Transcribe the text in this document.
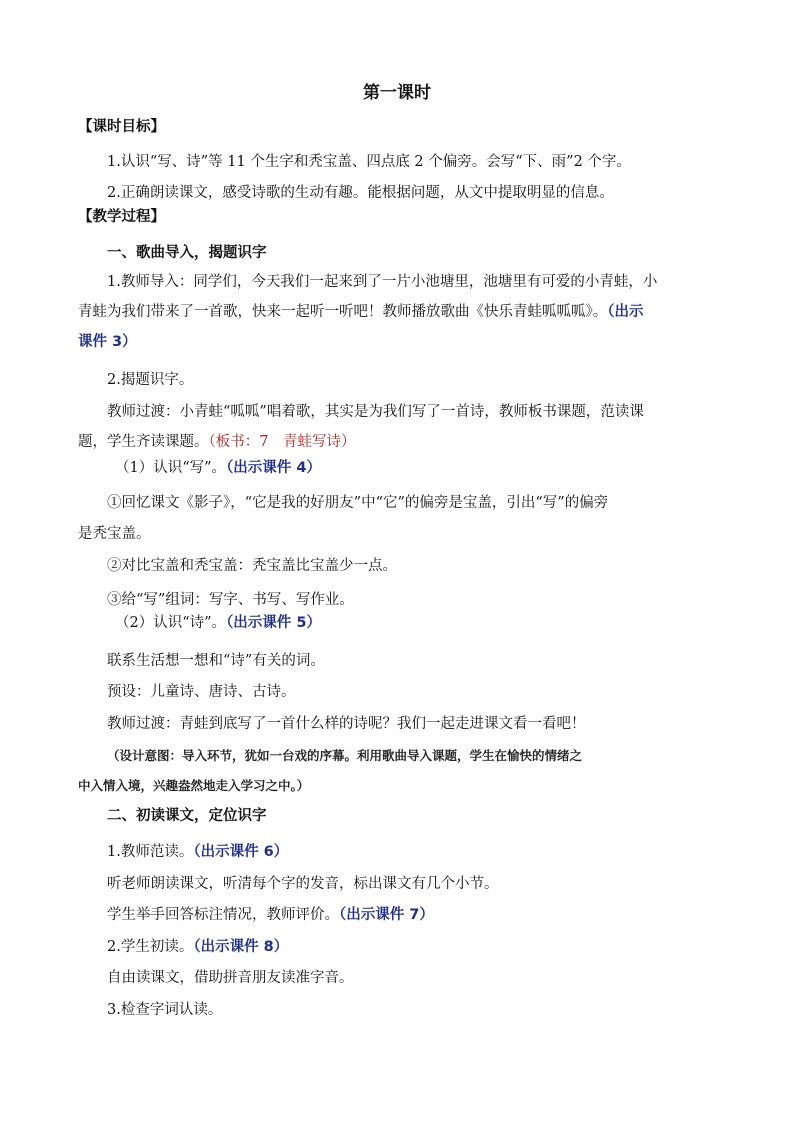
第一课时
【课时目标】
1.认识“写、诗”等 11 个生字和秃宝盖、四点底 2 个偏旁。会写“下、雨”2 个字。
2.正确朗读课文，感受诗歌的生动有趣。能根据问题，从文中提取明显的信息。
【教学过程】
一、歌曲导入，揭题识字
1.教师导入：同学们，今天我们一起来到了一片小池塘里，池塘里有可爱的小青蛙，小
青蛙为我们带来了一首歌，快来一起听一听吧！教师播放歌曲《快乐青蛙呱呱呱》。（出示
课件 3）
2.揭题识字。
教师过渡：小青蛙“呱呱”唱着歌，其实是为我们写了一首诗，教师板书课题，范读课
题，学生齐读课题。（板书：7　青蛙写诗）
（1）认识“写”。（出示课件 4）
①回忆课文《影子》，“它是我的好朋友”中“它”的偏旁是宝盖，引出“写”的偏旁
是秃宝盖。
②对比宝盖和秃宝盖：秃宝盖比宝盖少一点。
③给“写”组词：写字、书写、写作业。
（2）认识“诗”。（出示课件 5）
联系生活想一想和“诗”有关的词。
预设：儿童诗、唐诗、古诗。
教师过渡：青蛙到底写了一首什么样的诗呢？我们一起走进课文看一看吧！
（设计意图：导入环节，犹如一台戏的序幕。利用歌曲导入课题，学生在愉快的情绪之
中入情入境，兴趣盎然地走入学习之中。）
二、初读课文，定位识字
1.教师范读。（出示课件 6）
听老师朗读课文，听清每个字的发音，标出课文有几个小节。
学生举手回答标注情况，教师评价。（出示课件 7）
2.学生初读。（出示课件 8）
自由读课文，借助拼音朋友读准字音。
3.检查字词认读。
